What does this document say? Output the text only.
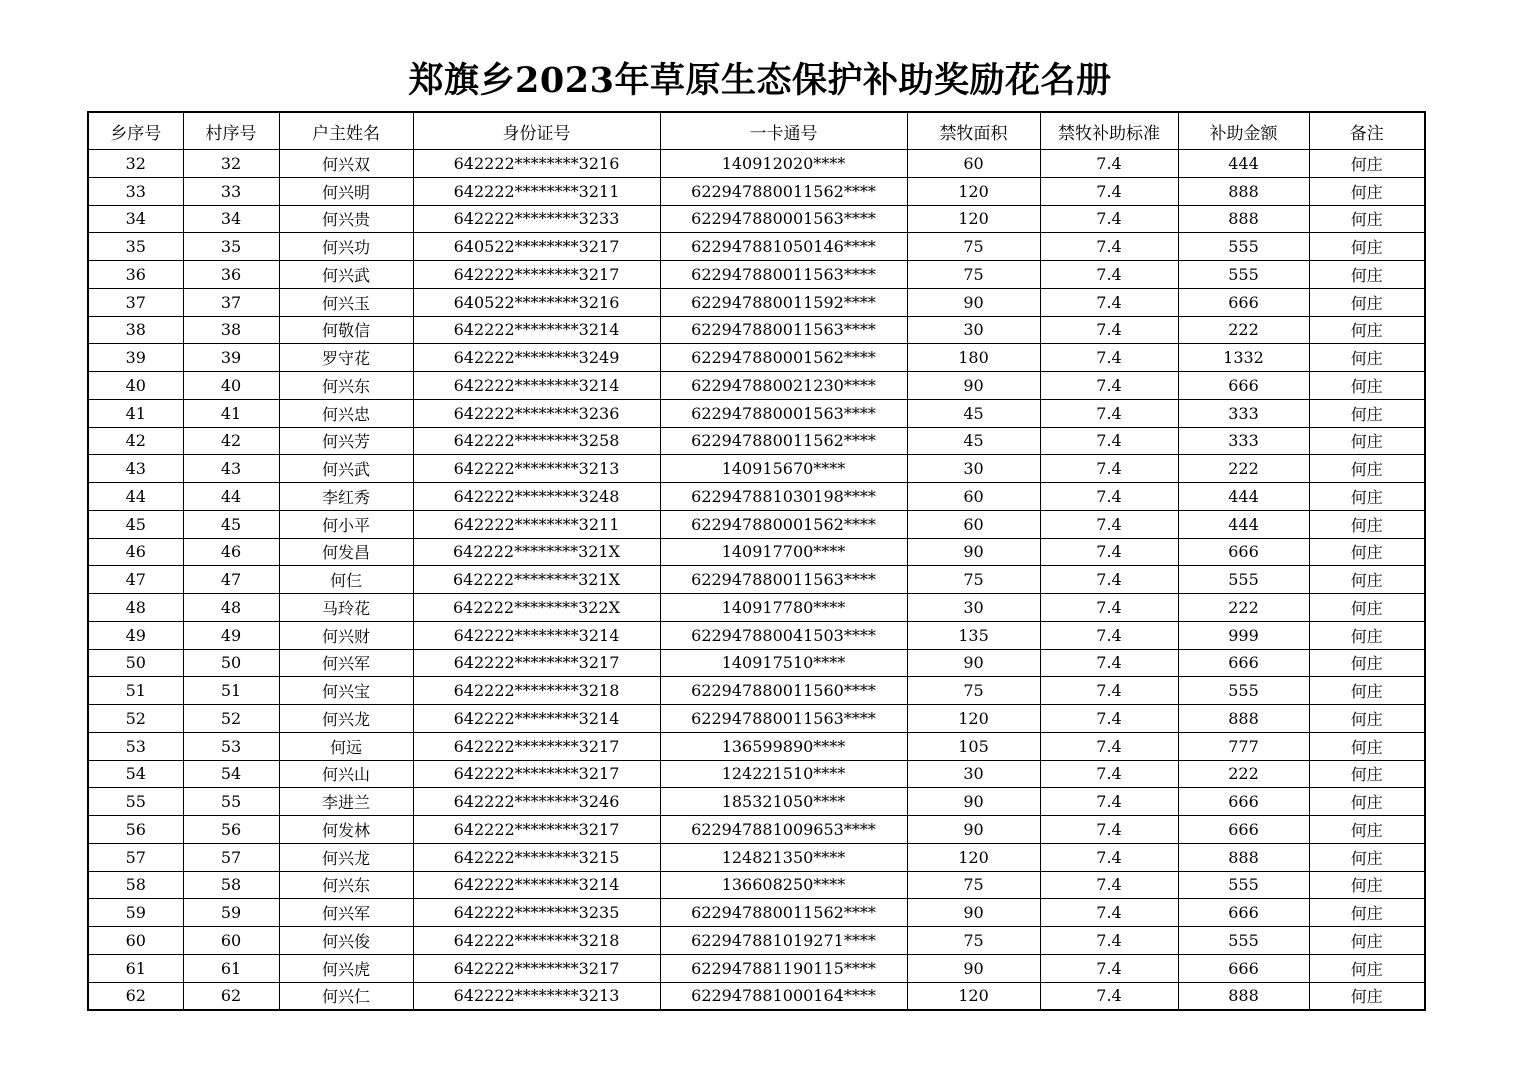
郑旗乡2023年草原生态保护补助奖励花名册
乡序号	村序号	户主姓名	身份证号	一卡通号	禁牧面积	禁牧补助标准	补助金额	备注
32	32	何兴双	642222********3216	140912020****	60	7.4	444	何庄
33	33	何兴明	642222********3211	622947880011562****	120	7.4	888	何庄
34	34	何兴贵	642222********3233	622947880001563****	120	7.4	888	何庄
35	35	何兴功	640522********3217	622947881050146****	75	7.4	555	何庄
36	36	何兴武	642222********3217	622947880011563****	75	7.4	555	何庄
37	37	何兴玉	640522********3216	622947880011592****	90	7.4	666	何庄
38	38	何敬信	642222********3214	622947880011563****	30	7.4	222	何庄
39	39	罗守花	642222********3249	622947880001562****	180	7.4	1332	何庄
40	40	何兴东	642222********3214	622947880021230****	90	7.4	666	何庄
41	41	何兴忠	642222********3236	622947880001563****	45	7.4	333	何庄
42	42	何兴芳	642222********3258	622947880011562****	45	7.4	333	何庄
43	43	何兴武	642222********3213	140915670****	30	7.4	222	何庄
44	44	李红秀	642222********3248	622947881030198****	60	7.4	444	何庄
45	45	何小平	642222********3211	622947880001562****	60	7.4	444	何庄
46	46	何发昌	642222********321X	140917700****	90	7.4	666	何庄
47	47	何仨	642222********321X	622947880011563****	75	7.4	555	何庄
48	48	马玲花	642222********322X	140917780****	30	7.4	222	何庄
49	49	何兴财	642222********3214	622947880041503****	135	7.4	999	何庄
50	50	何兴军	642222********3217	140917510****	90	7.4	666	何庄
51	51	何兴宝	642222********3218	622947880011560****	75	7.4	555	何庄
52	52	何兴龙	642222********3214	622947880011563****	120	7.4	888	何庄
53	53	何远	642222********3217	136599890****	105	7.4	777	何庄
54	54	何兴山	642222********3217	124221510****	30	7.4	222	何庄
55	55	李进兰	642222********3246	185321050****	90	7.4	666	何庄
56	56	何发林	642222********3217	622947881009653****	90	7.4	666	何庄
57	57	何兴龙	642222********3215	124821350****	120	7.4	888	何庄
58	58	何兴东	642222********3214	136608250****	75	7.4	555	何庄
59	59	何兴军	642222********3235	622947880011562****	90	7.4	666	何庄
60	60	何兴俊	642222********3218	622947881019271****	75	7.4	555	何庄
61	61	何兴虎	642222********3217	622947881190115****	90	7.4	666	何庄
62	62	何兴仁	642222********3213	622947881000164****	120	7.4	888	何庄
